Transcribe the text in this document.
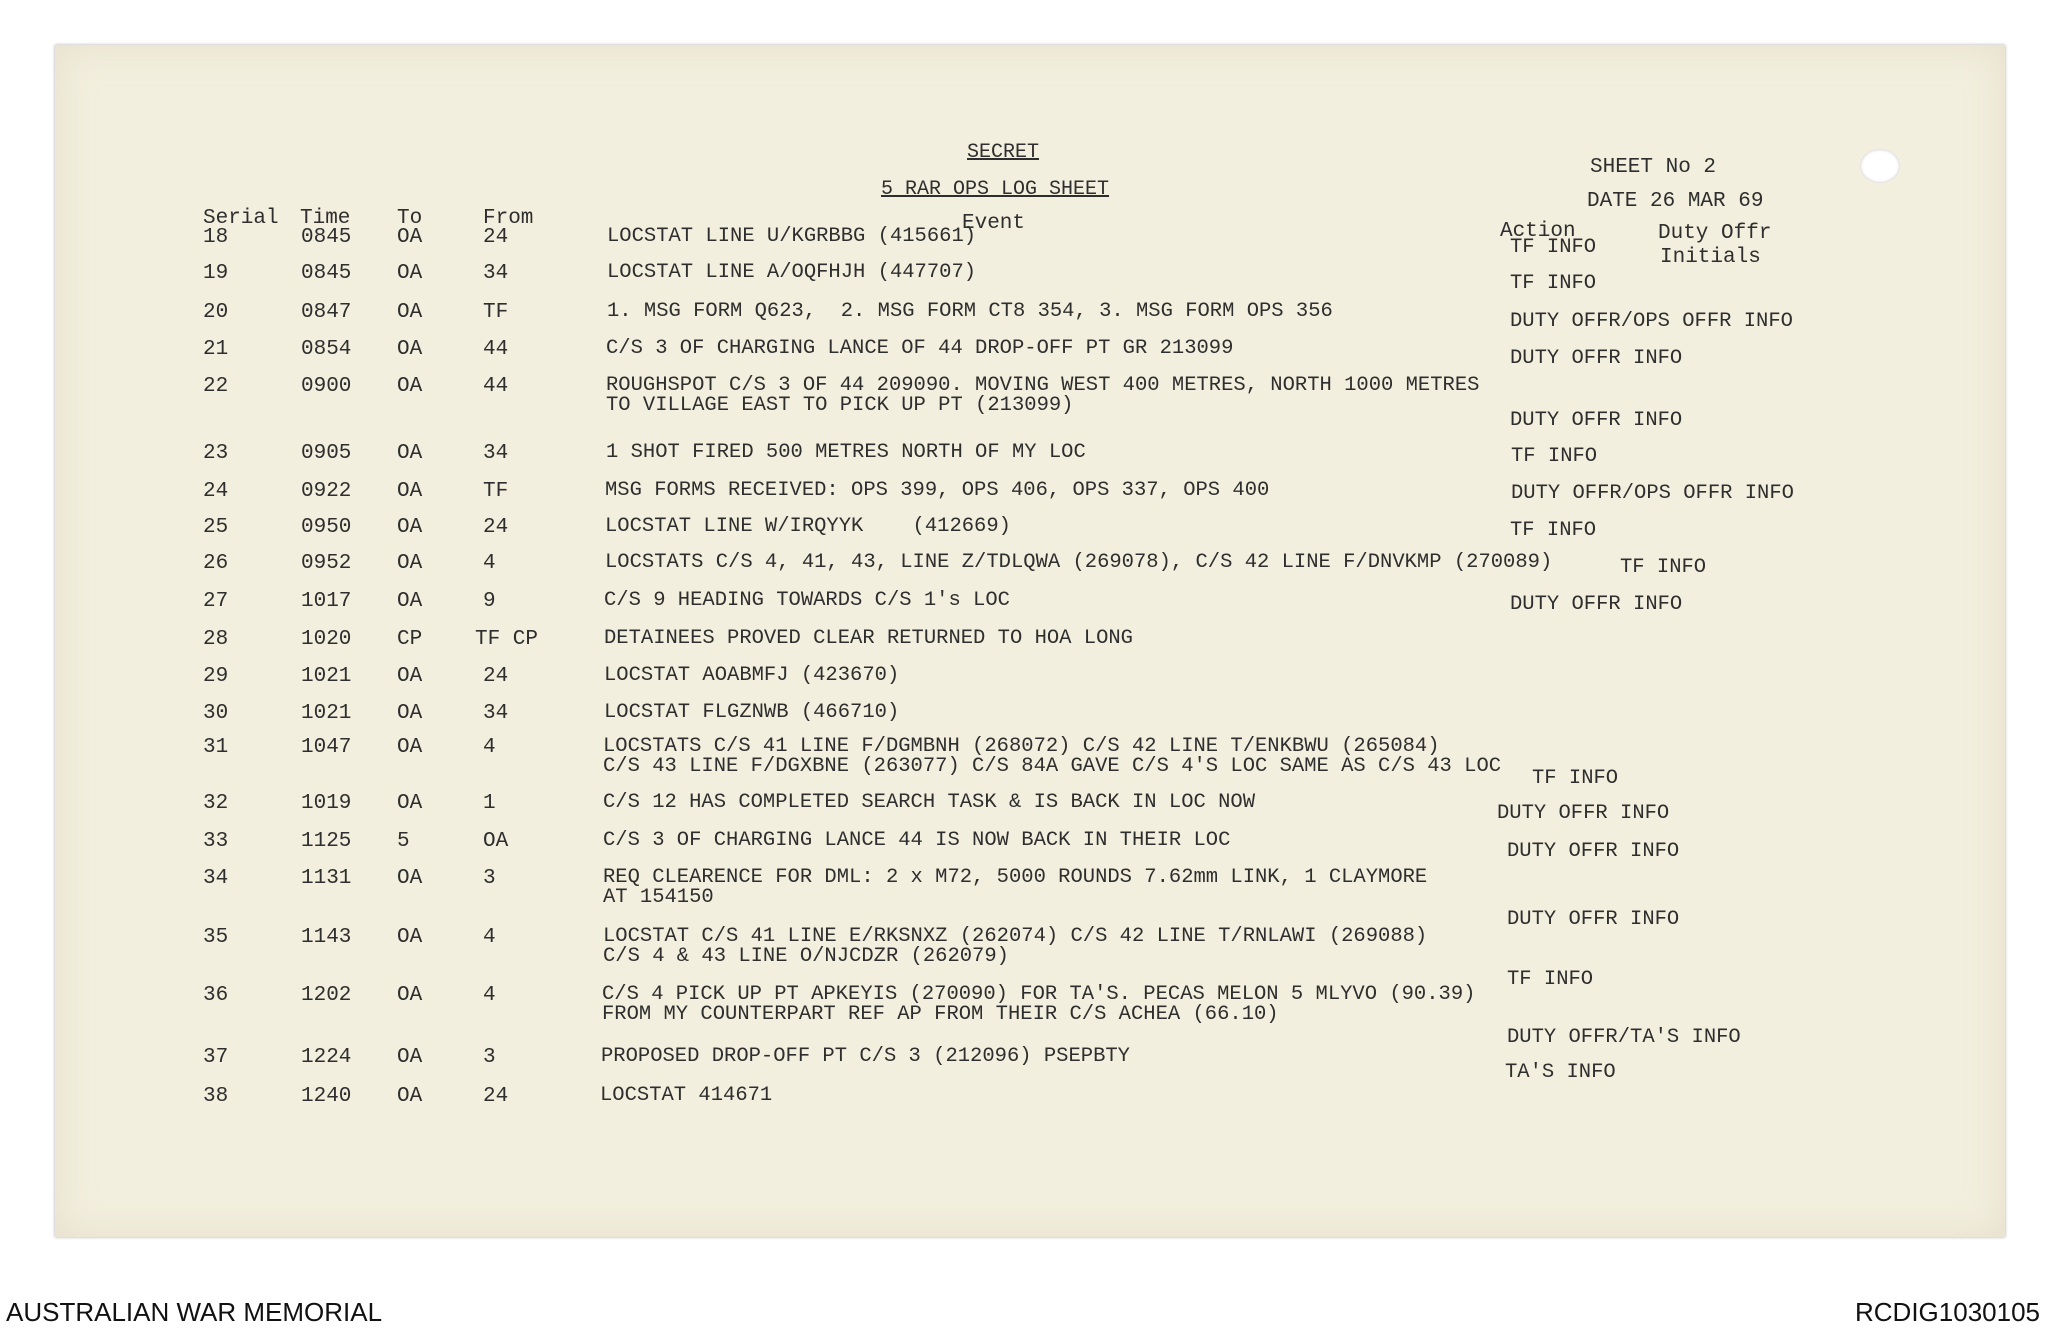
SECRET
5 RAR OPS LOG SHEET
SHEET No 2
DATE 26 MAR 69
Serial Time To	From	Event	Action	Duty Offr
Initials
18	0845 OA	24	LOCSTAT LINE U/KGRBBG (415661)	TF INFO
19	0845 OA	34	LOCSTAT LINE A/OQFHJH (447707)	TF INFO
20	0847 OA	TF	1. MSG FORM Q623,  2. MSG FORM CT8 354, 3. MSG FORM OPS 356	DUTY OFFR/OPS OFFR INFO
21	0854 OA	44	C/S 3 OF CHARGING LANCE OF 44 DROP-OFF PT GR 213099	DUTY OFFR INFO
22	0900 OA	44	ROUGHSPOT C/S 3 OF 44 209090. MOVING WEST 400 METRES, NORTH 1000 METRES
TO VILLAGE EAST TO PICK UP PT (213099)
DUTY OFFR INFO
23	0905 OA	34	1 SHOT FIRED 500 METRES NORTH OF MY LOC	TF INFO
24	0922 OA	TF	MSG FORMS RECEIVED: OPS 399, OPS 406, OPS 337, OPS 400	DUTY OFFR/OPS OFFR INFO
25	0950 OA	24	LOCSTAT LINE W/IRQYYK    (412669)	TF INFO
26	0952 OA	4	LOCSTATS C/S 4, 41, 43, LINE Z/TDLQWA (269078), C/S 42 LINE F/DNVKMP (270089)	TF INFO
27	1017 OA	9	C/S 9 HEADING TOWARDS C/S 1's LOC	DUTY OFFR INFO
28	1020 CP	TF CP	DETAINEES PROVED CLEAR RETURNED TO HOA LONG
29	1021 OA	24	LOCSTAT AOABMFJ (423670)
30	1021 OA	34	LOCSTAT FLGZNWB (466710)
31	1047 OA	4	LOCSTATS C/S 41 LINE F/DGMBNH (268072) C/S 42 LINE T/ENKBWU (265084)
C/S 43 LINE F/DGXBNE (263077) C/S 84A GAVE C/S 4'S LOC SAME AS C/S 43 LOC
TF INFO
32	1019 OA	1	C/S 12 HAS COMPLETED SEARCH TASK & IS BACK IN LOC NOW	DUTY OFFR INFO
33	1125 5	OA	C/S 3 OF CHARGING LANCE 44 IS NOW BACK IN THEIR LOC	DUTY OFFR INFO
34	1131 OA	3	REQ CLEARENCE FOR DML: 2 x M72, 5000 ROUNDS 7.62mm LINK, 1 CLAYMORE
AT 154150
DUTY OFFR INFO
35	1143 OA	4	LOCSTAT C/S 41 LINE E/RKSNXZ (262074) C/S 42 LINE T/RNLAWI (269088)
C/S 4 & 43 LINE O/NJCDZR (262079)
TF INFO
36	1202 OA	4	C/S 4 PICK UP PT APKEYIS (270090) FOR TA'S. PECAS MELON 5 MLYVO (90.39)
FROM MY COUNTERPART REF AP FROM THEIR C/S ACHEA (66.10)
DUTY OFFR/TA'S INFO
37	1224 OA	3	PROPOSED DROP-OFF PT C/S 3 (212096) PSEPBTY
TA'S INFO
38	1240 OA	24	LOCSTAT 414671
AUSTRALIAN WAR MEMORIAL	RCDIG1030105
